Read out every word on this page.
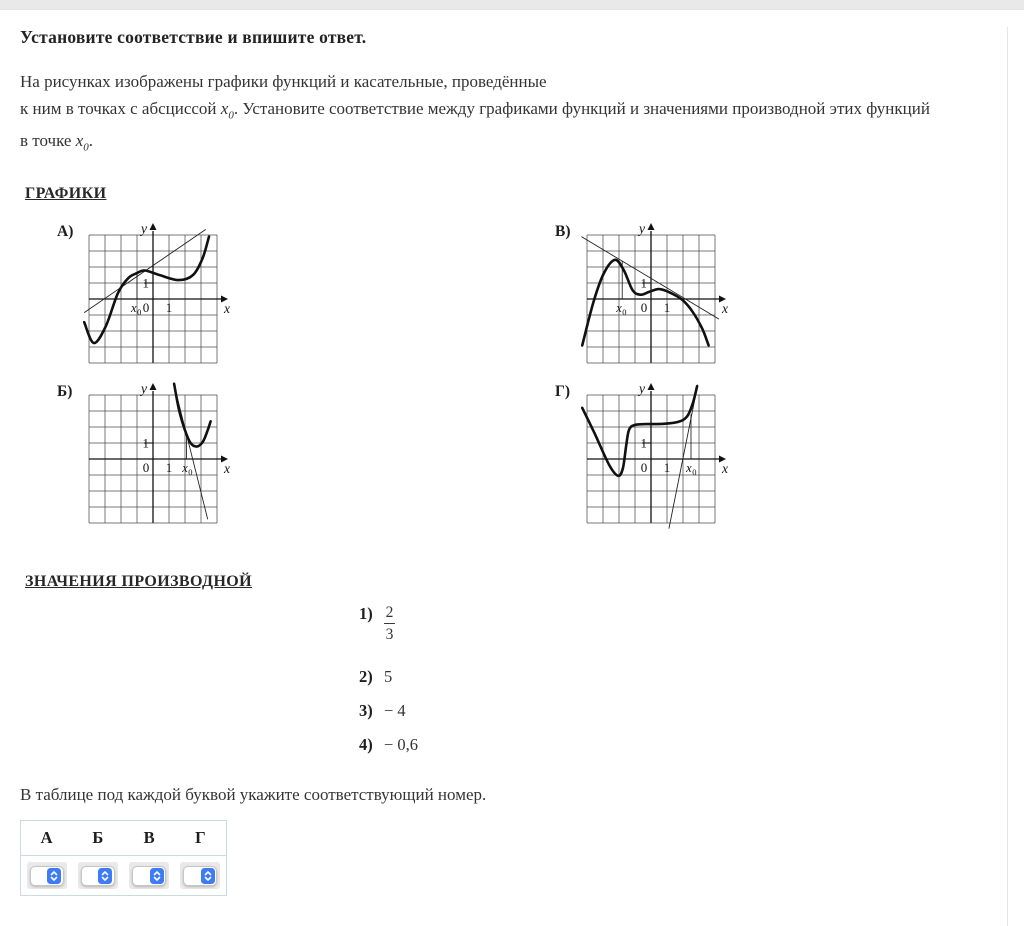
Установите соответствие и впишите ответ.

На рисунках изображены графики функций и касательные, проведённые
к ним в точках с абсциссой $x_0$. Установите соответствие между графиками функций и значениями производной этих функций
в точке $x_0$.

ГРАФИКИ
А)	y
x
1
0 1
x 0
В)	y
x
1
0 1
x 0
Б)	y
x
1
0 1 x 0
Г)	y
x
1
0 1 x 0
ЗНАЧЕНИЯ ПРОИЗВОДНОЙ
$1) \frac{2}{3}$
2) 5
3) − 4
4) − 0,6

В таблице под каждой буквой укажите соответствующий номер.

А	Б	В	Г
